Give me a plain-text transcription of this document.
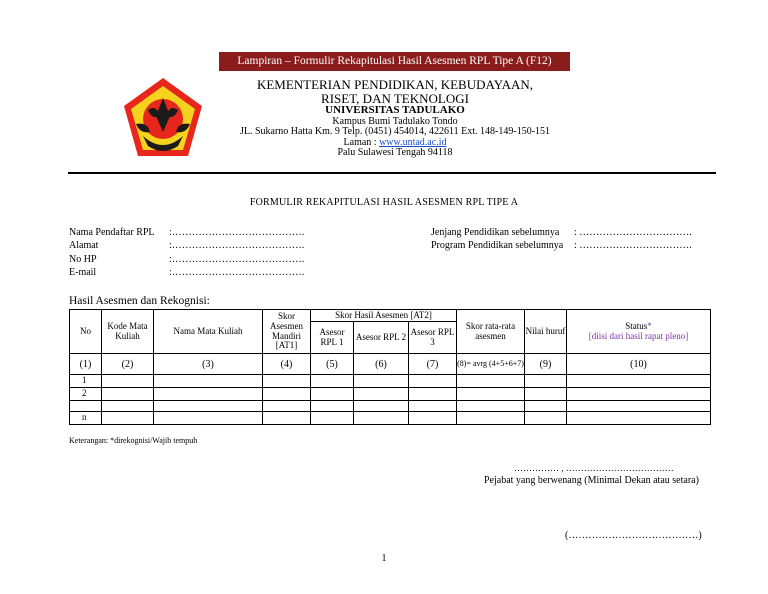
Lampiran – Formulir Rekapitulasi Hasil Asesmen RPL Tipe A (F12)
KEMENTERIAN PENDIDIKAN, KEBUDAYAAN,
RISET, DAN TEKNOLOGI
UNIVERSITAS TADULAKO
Kampus Bumi Tadulako Tondo
JL. Sukarno Hatta Km. 9 Telp. (0451) 454014, 422611 Ext. 148-149-150-151
Laman : www.untad.ac.id
Palu Sulawesi Tengah 94118
FORMULIR REKAPITULASI HASIL ASESMEN RPL TIPE A
Nama Pendaftar RPL :………………………………….
Alamat	:………………………………….
No HP	:………………………………….
E-mail	:………………………………….
Jenjang Pendidikan sebelumnya : …………………………….
Program Pendidikan sebelumnya : …………………………….
Hasil Asesmen dan Rekognisi:
No	Kode Mata Kuliah	Nama Mata Kuliah	Skor Asesmen Mandiri [AT1]	Skor Hasil Asesmen [AT2]			Skor rata-rata asesmen	Nilai huruf	Status*
[diisi dari hasil rapat pleno]
				Asesor RPL 1	Asesor RPL 2	Asesor RPL 3			
(1)	(2)	(3)	(4)	(5)	(6)	(7)	(8)= avrg (4+5+6+7)	(9)	(10)
1									
2									

n									
Keterangan: *direkognisi/Wajib tempuh
…………… , ………………………………
Pejabat yang berwenang (Minimal Dekan atau setara)
(…………………………………)
1
